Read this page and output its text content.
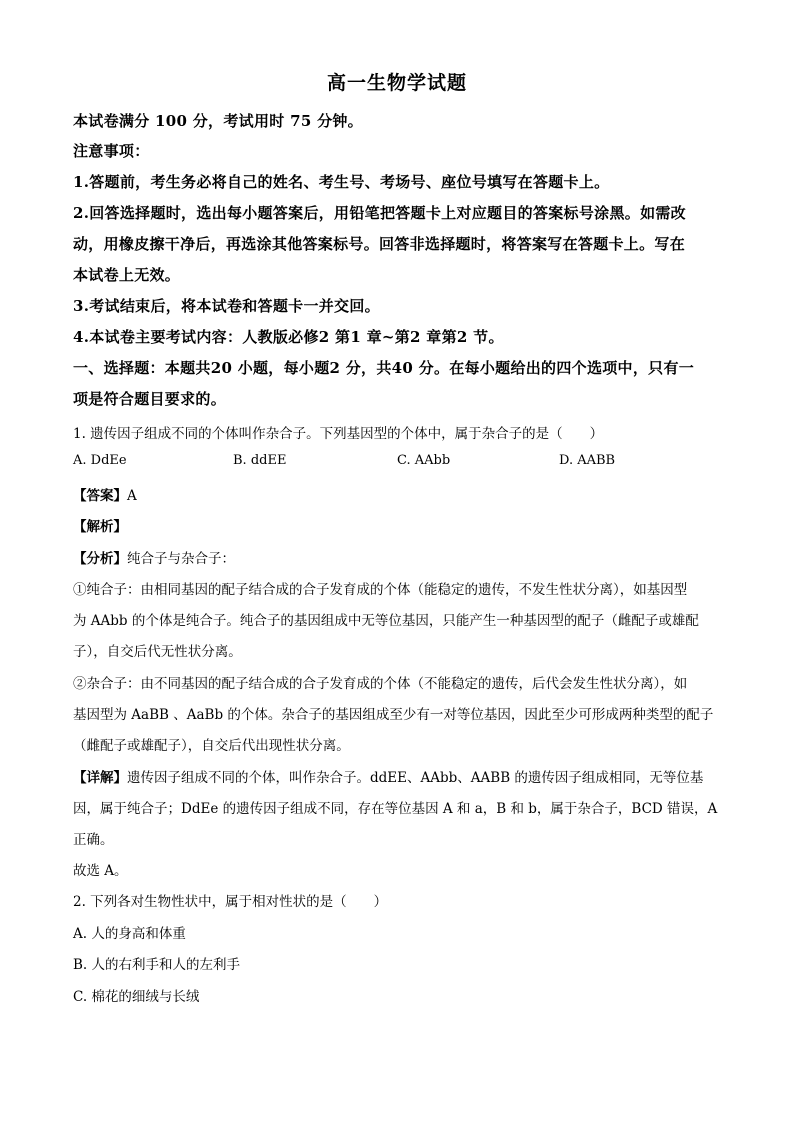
高一生物学试题
本试卷满分 100 分，考试用时 75 分钟。
注意事项：
1.答题前，考生务必将自己的姓名、考生号、考场号、座位号填写在答题卡上。
2.回答选择题时，选出每小题答案后，用铅笔把答题卡上对应题目的答案标号涂黑。如需改
动，用橡皮擦干净后，再选涂其他答案标号。回答非选择题时，将答案写在答题卡上。写在
本试卷上无效。
3.考试结束后，将本试卷和答题卡一并交回。
4.本试卷主要考试内容：人教版必修2 第1 章~第2 章第2 节。
一、选择题：本题共20 小题，每小题2 分，共40 分。在每小题给出的四个选项中，只有一
项是符合题目要求的。
1. 遗传因子组成不同的个体叫作杂合子。下列基因型的个体中，属于杂合子的是（　　）
A. DdEe	B. ddEE	C. AAbb	D. AABB
【答案】A
【解析】
【分析】纯合子与杂合子：
①纯合子：由相同基因的配子结合成的合子发育成的个体（能稳定的遗传，不发生性状分离），如基因型
为 AAbb 的个体是纯合子。纯合子的基因组成中无等位基因，只能产生一种基因型的配子（雌配子或雄配
子），自交后代无性状分离。
②杂合子：由不同基因的配子结合成的合子发育成的个体（不能稳定的遗传，后代会发生性状分离），如
基因型为 AaBB 、AaBb 的个体。杂合子的基因组成至少有一对等位基因，因此至少可形成两种类型的配子
（雌配子或雄配子），自交后代出现性状分离。
【详解】遗传因子组成不同的个体，叫作杂合子。ddEE、AAbb、AABB 的遗传因子组成相同，无等位基
因，属于纯合子；DdEe 的遗传因子组成不同，存在等位基因 A 和 a，B 和 b，属于杂合子，BCD 错误，A
正确。
故选 A。
2. 下列各对生物性状中，属于相对性状的是（　　）
A. 人的身高和体重
B. 人的右利手和人的左利手
C. 棉花的细绒与长绒
